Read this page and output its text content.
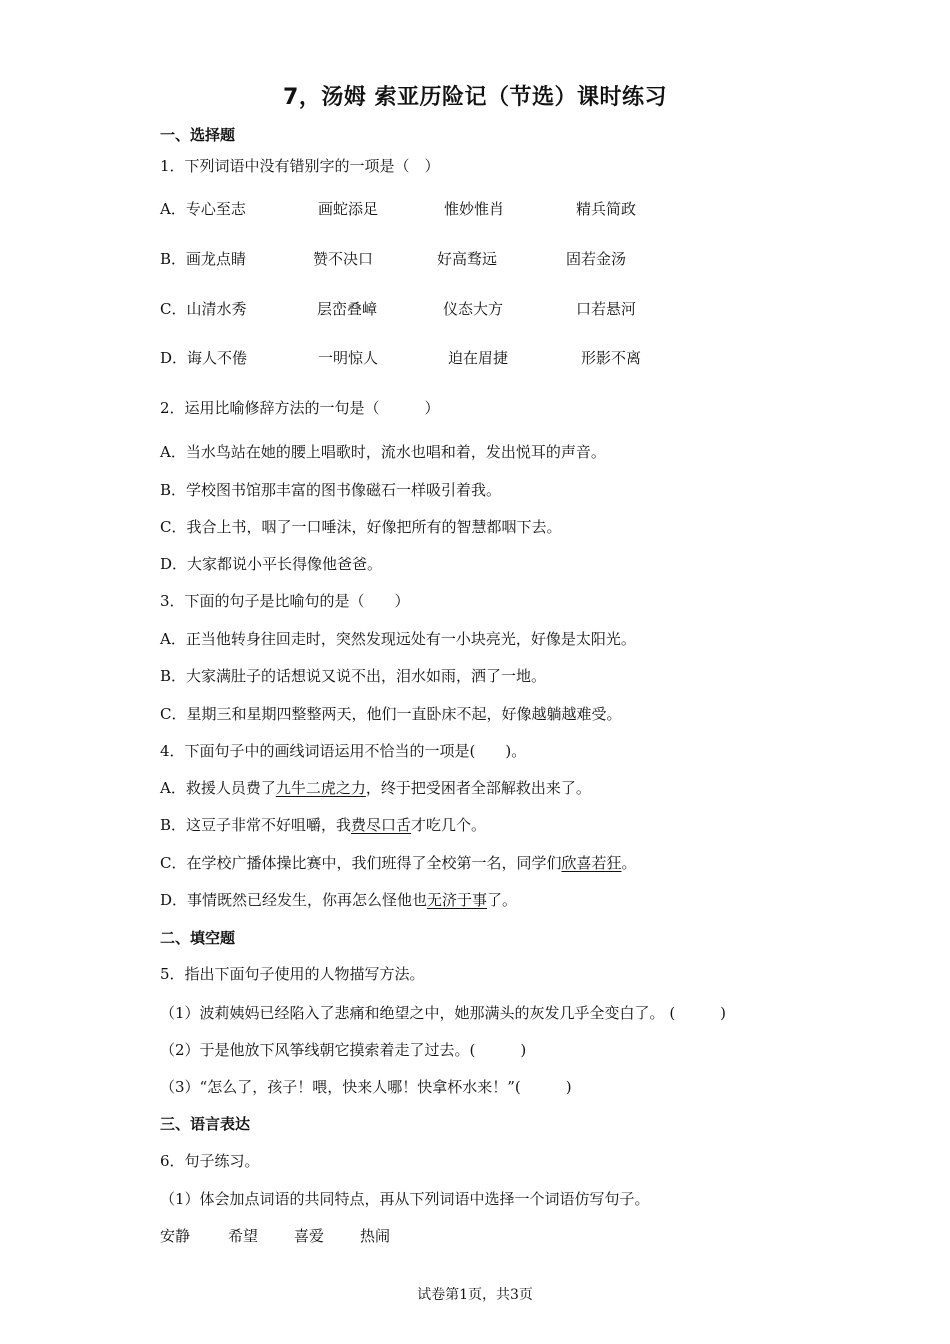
7，汤姆 索亚历险记（节选）课时练习
一、选择题
1．下列词语中没有错别字的一项是（　）
A．专心至志	画蛇添足	惟妙惟肖	精兵简政
B．画龙点睛	赞不决口	好高骛远	固若金汤
C．山清水秀	层峦叠嶂	仪态大方	口若悬河
D．诲人不倦	一明惊人	迫在眉捷	形影不离
2．运用比喻修辞方法的一句是（　　　）
A．当水鸟站在她的腰上唱歌时，流水也唱和着，发出悦耳的声音。
B．学校图书馆那丰富的图书像磁石一样吸引着我。
C．我合上书，咽了一口唾沫，好像把所有的智慧都咽下去。
D．大家都说小平长得像他爸爸。
3．下面的句子是比喻句的是（　　）
A．正当他转身往回走时，突然发现远处有一小块亮光，好像是太阳光。
B．大家满肚子的话想说又说不出，泪水如雨，洒了一地。
C．星期三和星期四整整两天，他们一直卧床不起，好像越躺越难受。
4．下面句子中的画线词语运用不恰当的一项是(　　)。
A．救援人员费了九牛二虎之力，终于把受困者全部解救出来了。
B．这豆子非常不好咀嚼，我费尽口舌才吃几个。
C．在学校广播体操比赛中，我们班得了全校第一名，同学们欣喜若狂。
D．事情既然已经发生，你再怎么怪他也无济于事了。
二、填空题
5．指出下面句子使用的人物描写方法。
（1）波莉姨妈已经陷入了悲痛和绝望之中，她那满头的灰发几乎全变白了。 (　　　)
（2）于是他放下风筝线朝它摸索着走了过去。(　　　)
（3）“怎么了，孩子！喂，快来人哪！快拿杯水来！”(　　　)
三、语言表达
6．句子练习。
（1）体会加点词语的共同特点，再从下列词语中选择一个词语仿写句子。
安静	希望 喜爱 热闹
试卷第1页，共3页
